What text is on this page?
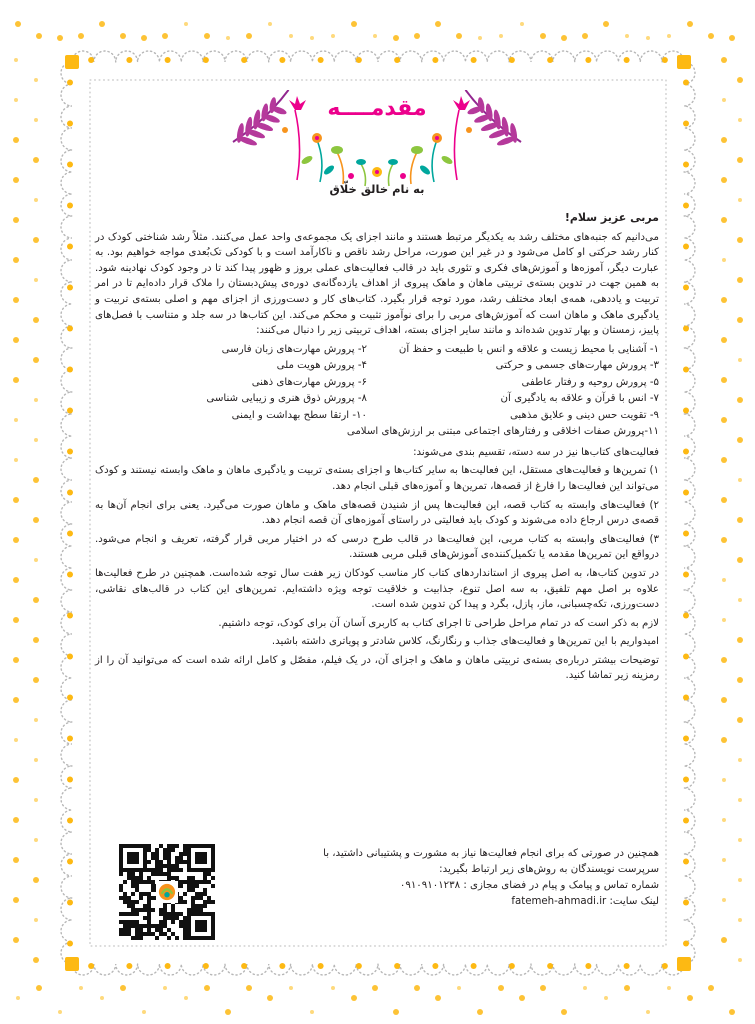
مقدمــــه
به نام خالق خلّاق

مربی عزیز سلام!

می‌دانیم که جنبه‌های مختلف رشد به یکدیگر مرتبط هستند و مانند اجزای یک مجموعه‌ی واحد عمل می‌کنند. مثلاً رشد شناختی کودک در کنار رشد حرکتی او کامل می‌شود و در غیر این صورت، مراحل رشد ناقص و ناکارآمد است و با کودکی تک‌بُعدی مواجه خواهیم بود. به عبارت دیگر، آموزه‌ها و آموزش‌های فکری و تئوری باید در قالب فعالیت‌های عملی بروز و ظهور پیدا کند تا در وجود کودک نهادینه شود. به همین جهت در تدوین بسته‌ی تربیتی ماهان و ماهک پیروی از اهداف یازده‌گانه‌ی دوره‌ی پیش‌دبستان را ملاک قرار داده‌ایم تا در امر تربیت و یاددهی، همه‌ی ابعاد مختلف رشد، مورد توجه قرار بگیرد. کتاب‌های کار و دست‌ورزی از اجزای مهم و اصلی بسته‌ی تربیت و یادگیری ماهک و ماهان است که آموزش‌های مربی را برای نوآموز تثبیت و محکم می‌کند. این کتاب‌ها در سه جلد و متناسب با فصل‌های پاییز، زمستان و بهار تدوین شده‌اند و مانند سایر اجزای بسته، اهداف تربیتی زیر را دنبال می‌کنند:

۱- آشنایی با محیط زیست و علاقه و انس با طبیعت و حفظ آن
۲- پرورش مهارت‌های زبان فارسی
۳- پرورش مهارت‌های جسمی و حرکتی
۴- پرورش هویت ملی
۵- پرورش روحیه و رفتار عاطفی
۶- پرورش مهارت‌های ذهنی
۷- انس با قرآن و علاقه به یادگیری آن
۸- پرورش ذوق هنری و زیبایی شناسی
۹- تقویت حس دینی و علایق مذهبی
۱۰- ارتقا سطح بهداشت و ایمنی
۱۱-پرورش صفات اخلاقی و رفتارهای اجتماعی مبتنی بر ارزش‌های اسلامی

فعالیت‌های کتاب‌ها نیز در سه دسته، تقسیم بندی می‌شوند:

۱) تمرین‌ها و فعالیت‌های مستقل، این فعالیت‌ها به سایر کتاب‌ها و اجزای بسته‌ی تربیت و یادگیری ماهان و ماهک وابسته نیستند و کودک می‌تواند این فعالیت‌ها را فارغ از قصه‌ها، تمرین‌ها و آموزه‌های قبلی انجام دهد.

۲) فعالیت‌های وابسته به کتاب قصه، این فعالیت‌ها پس از شنیدن قصه‌های ماهک و ماهان صورت می‌گیرد. یعنی برای انجام آن‌ها به قصه‌ی درس ارجاع داده می‌شوند و کودک باید فعالیتی در راستای آموزه‌های آن قصه انجام دهد.

۳) فعالیت‌های وابسته به کتاب مربی، این فعالیت‌ها در قالب طرح درسی که در اختیار مربی قرار گرفته، تعریف و انجام می‌شود. درواقع این تمرین‌ها مقدمه یا تکمیل‌کننده‌ی آموزش‌های قبلی مربی هستند.

در تدوین کتاب‌ها، به اصل پیروی از استانداردهای کتاب کار مناسب کودکان زیر هفت سال توجه شده‌است. همچنین در طرح فعالیت‌ها علاوه بر اصل مهم تلفیق، به سه اصل تنوع، جذابیت و خلاقیت توجه ویژه داشته‌ایم. تمرین‌های این کتاب در قالب‌های نقاشی، دست‌ورزی، تکه‌چسبانی، ماز، پازل، بگرد و پیدا کن تدوین شده است.

لازم به ذکر است که در تمام مراحل طراحی تا اجرای کتاب به کاربری آسان آن برای کودک، توجه داشتیم.

امیدواریم با این تمرین‌ها و فعالیت‌های جذاب و رنگارنگ، کلاس شادتر و پویاتری داشته باشید.

توضیحات بیشتر درباره‌ی بسته‌ی تربیتی ماهان و ماهک و اجزای آن، در یک فیلم، مفصّل و کامل ارائه شده است که می‌توانید آن را از رمزینه زیر تماشا کنید.

همچنین در صورتی که برای انجام فعالیت‌ها نیاز به مشورت و پشتیبانی داشتید، با سرپرست نویسندگان به روش‌های زیر ارتباط بگیرید:
شماره تماس و پیامک و پیام در فضای مجازی : ۰۹۱۰۹۱۰۱۲۳۸
لینک سایت: fatemeh-ahmadi.ir
